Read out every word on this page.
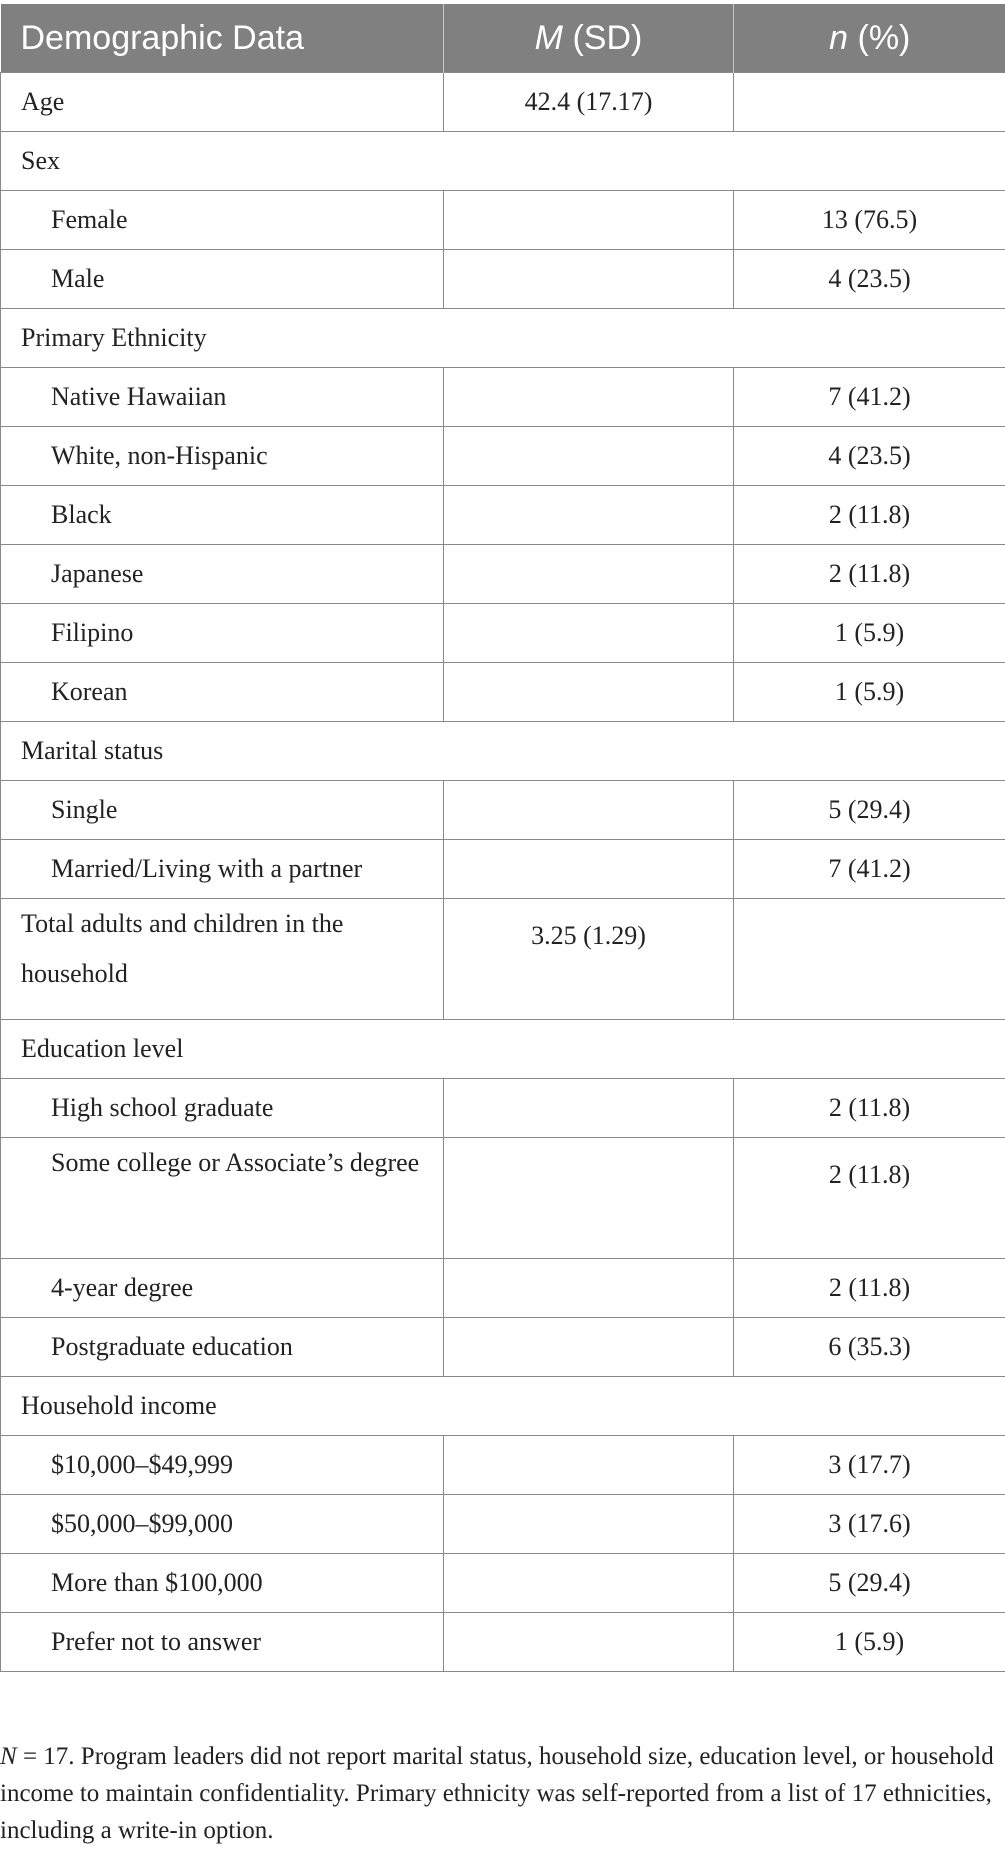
Demographic Data	M (SD)	n (%)
Age	42.4 (17.17)	
Sex		
Female		13 (76.5)
Male		4 (23.5)
Primary Ethnicity		
Native Hawaiian		7 (41.2)
White, non-Hispanic		4 (23.5)
Black		2 (11.8)
Japanese		2 (11.8)
Filipino		1 (5.9)
Korean		1 (5.9)
Marital status		
Single		5 (29.4)
Married/Living with a partner		7 (41.2)
Total adults and children in the household	3.25 (1.29)	
Education level		
High school graduate		2 (11.8)
Some college or Associate’s degree		2 (11.8)
4-year degree		2 (11.8)
Postgraduate education		6 (35.3)
Household income		
$10,000–$49,999		3 (17.7)
$50,000–$99,000		3 (17.6)
More than $100,000		5 (29.4)
Prefer not to answer		1 (5.9)
N = 17. Program leaders did not report marital status, household size, education level, or household income to maintain confidentiality. Primary ethnicity was self-reported from a list of 17 ethnicities, including a write-in option.
